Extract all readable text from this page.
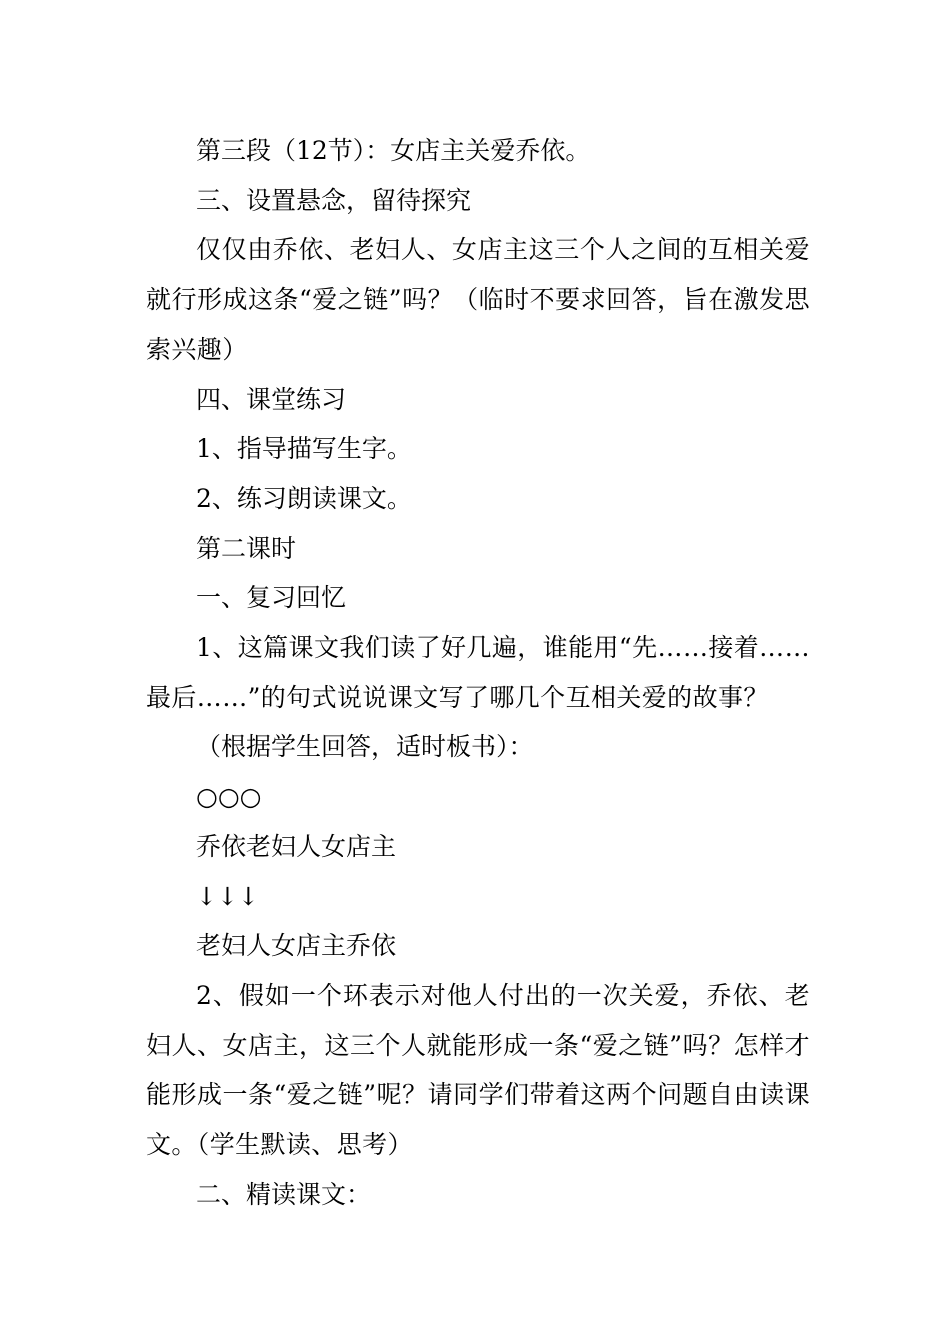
第三段（12节）：女店主关爱乔依。

三、设置悬念，留待探究

仅仅由乔依、老妇人、女店主这三个人之间的互相关爱就行形成这条“爱之链”吗？（临时不要求回答，旨在激发思索兴趣）

四、课堂练习

1、指导描写生字。

2、练习朗读课文。

第二课时

一、复习回忆

1、这篇课文我们读了好几遍，谁能用“先……接着……最后……”的句式说说课文写了哪几个互相关爱的故事？

（根据学生回答，适时板书）：

○○○

乔依老妇人女店主

↓↓↓

老妇人女店主乔依

2、假如一个环表示对他人付出的一次关爱，乔依、老妇人、女店主，这三个人就能形成一条“爱之链”吗？怎样才能形成一条“爱之链”呢？请同学们带着这两个问题自由读课文。（学生默读、思考）

二、精读课文：
